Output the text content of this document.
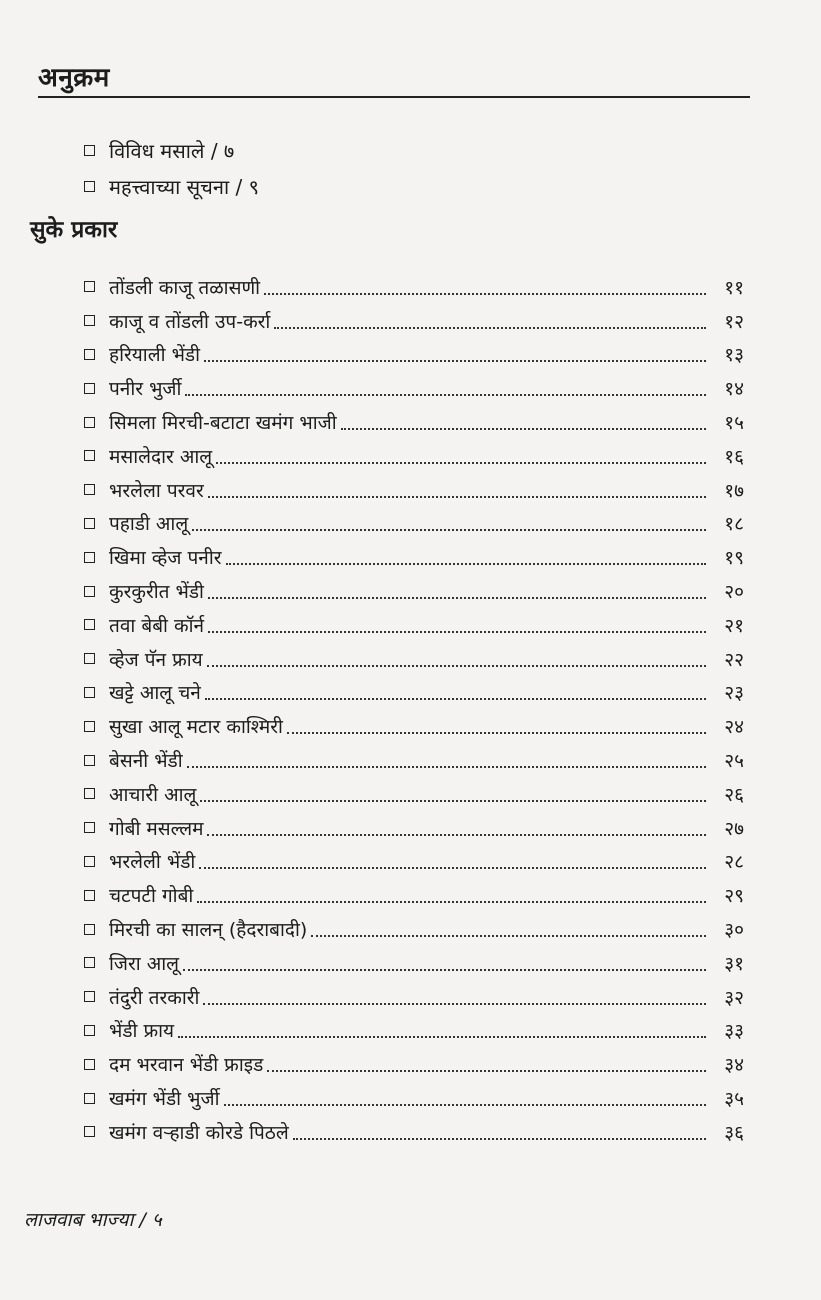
अनुक्रम
विविध मसाले / ७
महत्त्वाच्या सूचना / ९
सुके प्रकार
तोंडली काजू तळासणी	११
काजू व तोंडली उप-कर्रा	१२
हरियाली भेंडी	१३
पनीर भुर्जी	१४
सिमला मिरची-बटाटा खमंग भाजी	१५
मसालेदार आलू	१६
भरलेला परवर	१७
पहाडी आलू	१८
खिमा व्हेज पनीर	१९
कुरकुरीत भेंडी	२०
तवा बेबी कॉर्न	२१
व्हेज पॅन फ्राय	२२
खट्टे आलू चने	२३
सुखा आलू मटार काश्मिरी	२४
बेसनी भेंडी	२५
आचारी आलू	२६
गोबी मसल्लम	२७
भरलेली भेंडी	२८
चटपटी गोबी	२९
मिरची का सालन् (हैदराबादी)	३०
जिरा आलू	३१
तंदुरी तरकारी	३२
भेंडी फ्राय	३३
दम भरवान भेंडी फ्राइड	३४
खमंग भेंडी भुर्जी	३५
खमंग वऱ्हाडी कोरडे पिठले	३६
लाजवाब भाज्या / ५
